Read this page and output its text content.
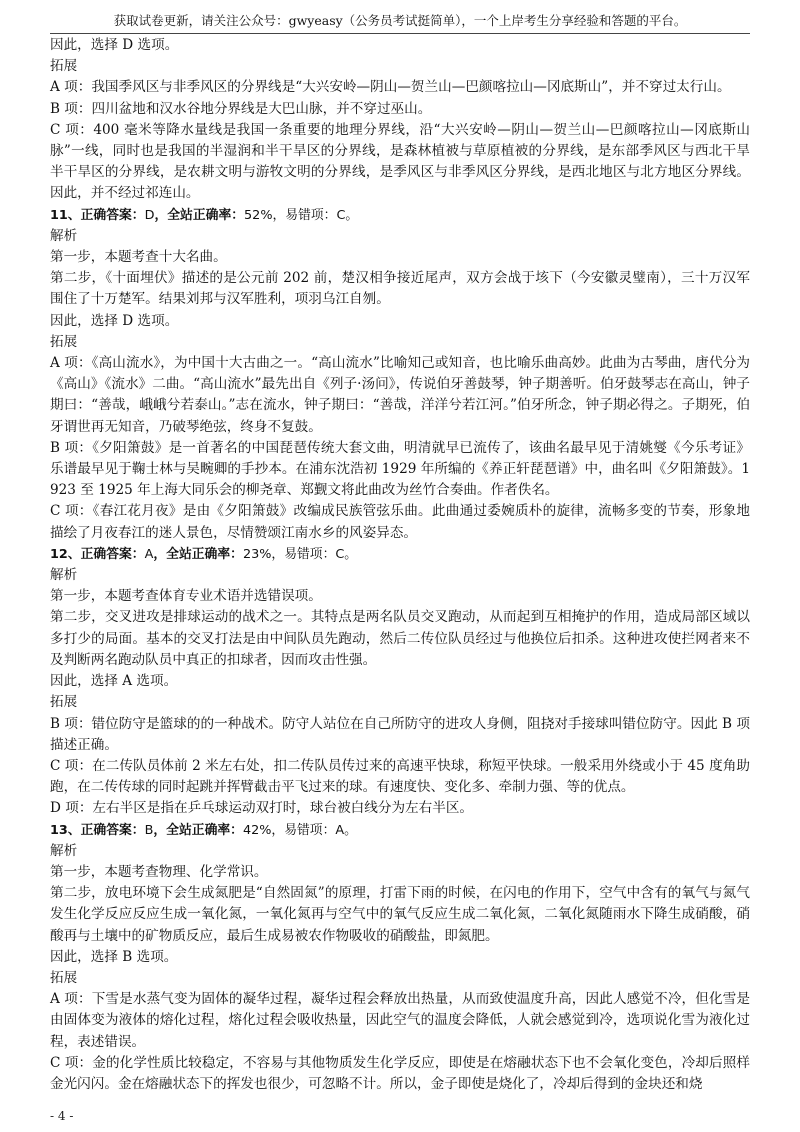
获取试卷更新，请关注公众号：gwyeasy（公务员考试挺简单），一个上岸考生分享经验和答题的平台。

因此，选择 D 选项。

拓展

A 项：我国季风区与非季风区的分界线是“大兴安岭—阴山—贺兰山—巴颜喀拉山—冈底斯山”，并不穿过太行山。

B 项：四川盆地和汉水谷地分界线是大巴山脉，并不穿过巫山。

C 项：400 毫米等降水量线是我国一条重要的地理分界线，沿“大兴安岭—阴山—贺兰山—巴颜喀拉山—冈底斯山脉”一线，同时也是我国的半湿润和半干旱区的分界线，是森林植被与草原植被的分界线，是东部季风区与西北干旱半干旱区的分界线，是农耕文明与游牧文明的分界线，是季风区与非季风区分界线，是西北地区与北方地区分界线。因此，并不经过祁连山。

11、正确答案：D，全站正确率：52%，易错项：C。

解析

第一步，本题考查十大名曲。

第二步，《十面埋伏》描述的是公元前 202 前，楚汉相争接近尾声，双方会战于垓下（今安徽灵璧南），三十万汉军围住了十万楚军。结果刘邦与汉军胜利，项羽乌江自刎。

因此，选择 D 选项。

拓展

A 项：《高山流水》，为中国十大古曲之一。“高山流水”比喻知己或知音，也比喻乐曲高妙。此曲为古琴曲，唐代分为《高山》《流水》二曲。“高山流水”最先出自《列子·汤问》，传说伯牙善鼓琴，钟子期善听。伯牙鼓琴志在高山，钟子期曰：“善哉，峨峨兮若泰山。”志在流水，钟子期曰：“善哉，洋洋兮若江河。”伯牙所念，钟子期必得之。子期死，伯牙谓世再无知音，乃破琴绝弦，终身不复鼓。

B 项：《夕阳箫鼓》是一首著名的中国琵琶传统大套文曲，明清就早已流传了，该曲名最早见于清姚燮《今乐考证》乐谱最早见于鞠士林与吴畹卿的手抄本。在浦东沈浩初 1929 年所编的《养正轩琵琶谱》中，曲名叫《夕阳箫鼓》。1923 至 1925 年上海大同乐会的柳尧章、郑觐文将此曲改为丝竹合奏曲。作者佚名。

C 项：《春江花月夜》是由《夕阳箫鼓》改编成民族管弦乐曲。此曲通过委婉质朴的旋律，流畅多变的节奏，形象地描绘了月夜春江的迷人景色，尽情赞颂江南水乡的风姿异态。

12、正确答案：A，全站正确率：23%，易错项：C。

解析

第一步，本题考查体育专业术语并选错误项。

第二步，交叉进攻是排球运动的战术之一。其特点是两名队员交叉跑动，从而起到互相掩护的作用，造成局部区域以多打少的局面。基本的交叉打法是由中间队员先跑动，然后二传位队员经过与他换位后扣杀。这种进攻使拦网者来不及判断两名跑动队员中真正的扣球者，因而攻击性强。

因此，选择 A 选项。

拓展

B 项：错位防守是篮球的的一种战术。防守人站位在自己所防守的进攻人身侧，阻挠对手接球叫错位防守。因此 B 项描述正确。

C 项：在二传队员体前 2 米左右处，扣二传队员传过来的高速平快球，称短平快球。一般采用外绕或小于 45 度角助跑，在二传传球的同时起跳并挥臂截击平飞过来的球。有速度快、变化多、牵制力强、等的优点。

D 项：左右半区是指在乒乓球运动双打时，球台被白线分为左右半区。

13、正确答案：B，全站正确率：42%，易错项：A。

解析

第一步，本题考查物理、化学常识。

第二步，放电环境下会生成氮肥是“自然固氮”的原理，打雷下雨的时候，在闪电的作用下，空气中含有的氧气与氮气发生化学反应反应生成一氧化氮，一氧化氮再与空气中的氧气反应生成二氧化氮，二氧化氮随雨水下降生成硝酸，硝酸再与土壤中的矿物质反应，最后生成易被农作物吸收的硝酸盐，即氮肥。

因此，选择 B 选项。

拓展

A 项：下雪是水蒸气变为固体的凝华过程，凝华过程会释放出热量，从而致使温度升高，因此人感觉不冷，但化雪是由固体变为液体的熔化过程，熔化过程会吸收热量，因此空气的温度会降低，人就会感觉到冷，选项说化雪为液化过程，表述错误。

C 项：金的化学性质比较稳定，不容易与其他物质发生化学反应，即使是在熔融状态下也不会氧化变色，冷却后照样金光闪闪。金在熔融状态下的挥发也很少，可忽略不计。所以，金子即使是烧化了，冷却后得到的金块还和烧

- 4 -
